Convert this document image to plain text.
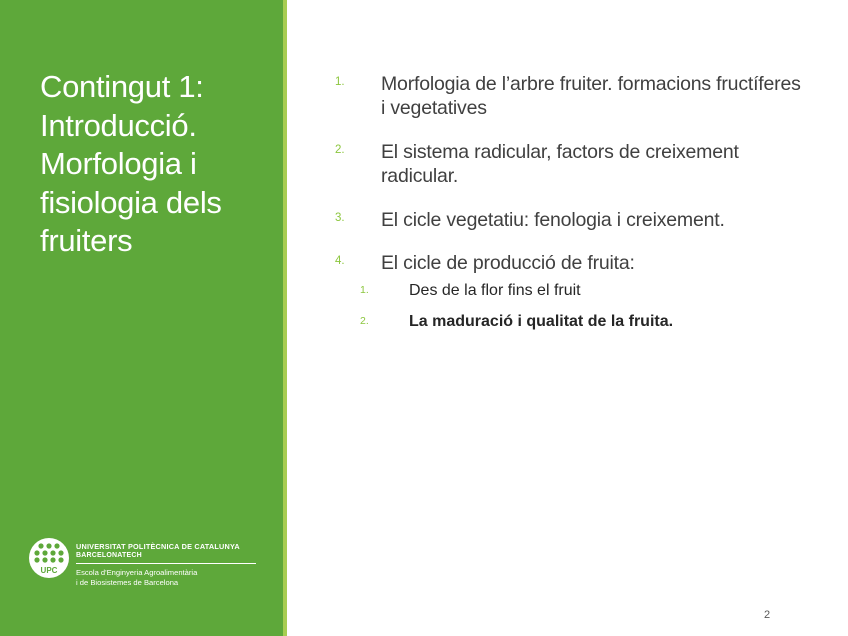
Contingut 1: Introducció. Morfologia i fisiologia dels fruiters
UPC
UNIVERSITAT POLITÈCNICA DE CATALUNYA
BARCELONATECH
Escola d'Enginyeria Agroalimentària
i de Biosistemes de Barcelona
1. Morfologia de l’arbre fruiter. formacions fructíferes i vegetatives
2. El sistema radicular, factors de creixement radicular.
3. El cicle vegetatiu: fenologia i creixement.
4. El cicle de producció de fruita:
1.	Des de la flor fins el fruit
2.	La maduració i qualitat de la fruita.
2
